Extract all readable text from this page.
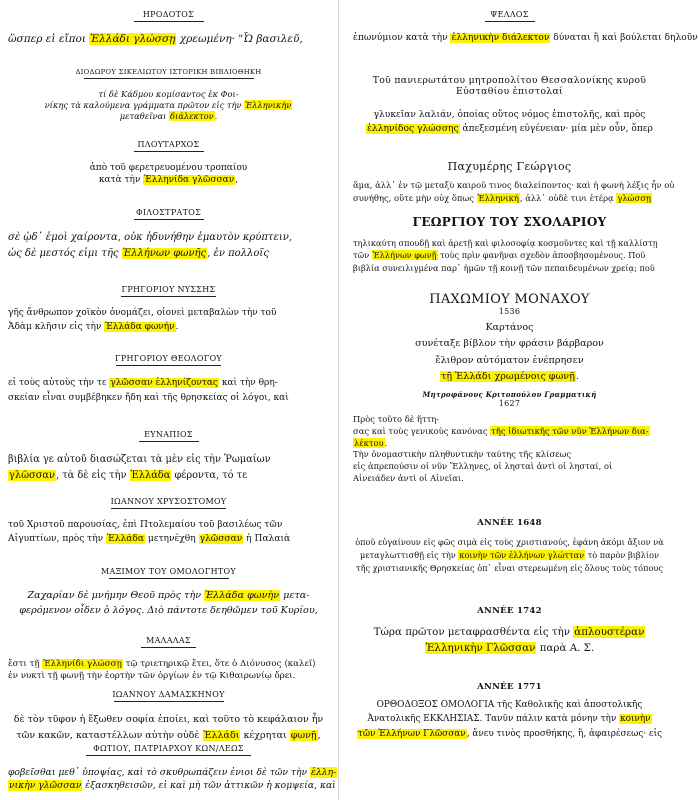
ΗΡΟΔΟΤΟΣ
ὥσπερ εἰ εἴποι Ἑλλάδι γλώσσῃ χρεωμένη· "Ὦ βασιλεῦ,
ΔΙΟΔΩΡΟΥ ΣΙΚΕΛΙΩΤΟΥ ΙΣΤΟΡΙΚΗ ΒΙΒΛΙΟΘΗΚΗ
τί δὲ Κάδμου κομίσαντος ἐκ Φοι-
νίκης τὰ καλούμενα γράμματα πρῶτον εἰς τὴν Ἑλληνικὴν
μεταθεῖναι διάλεκτον.
ΠΛΟΥΤΑΡΧΟΣ
ἀπὸ τοῦ φερετρευομένου τροπαίου
κατὰ τὴν Ἑλληνίδα γλῶσσαν,
ΦΙΛΟΣΤΡΑΤΟΣ
σὲ ᾠδ᾽ ἐμοὶ χαίροντα, οὐκ ἠδυνήθην ἐμαυτὸν κρύπτειν,
ὡς δὲ μεστός εἰμι τῆς Ἑλλήνων φωνῆς, ἐν πολλοῖς
ΓΡΗΓΟΡΙΟΥ ΝΥΣΣΗΣ
γῆς ἄνθρωπον χοϊκὸν ὀνομάζει, οἱονεὶ μεταβαλὼν τὴν τοῦ
Ἀδὰμ κλῆσιν εἰς τὴν Ἑλλάδα φωνήν.
ΓΡΗΓΟΡΙΟΥ ΘΕΟΛΟΓΟΥ
εἰ τοὺς αὐτοὺς τὴν τε γλῶσσαν ἑλληνίζοντας καὶ τὴν θρη-
σκείαν εἶναι συμβέβηκεν ἤδη καὶ τῆς θρησκείας οἱ λόγοι, καὶ
ΕΥΝΑΠΙΟΣ
βιβλία γε αὐτοῦ διασώζεται τὰ μὲν εἰς τὴν Ῥωμαίων
γλῶσσαν, τὰ δὲ εἰς τὴν Ἑλλάδα φέροντα, τό τε
ΙΩΑΝΝΟΥ ΧΡΥΣΟΣΤΟΜΟΥ
τοῦ Χριστοῦ παρουσίας, ἐπὶ Πτολεμαίου τοῦ βασιλέως τῶν
Αἰγυπτίων, πρὸς τὴν Ἑλλάδα μετηνέχθη γλῶσσαν ἡ Παλαιὰ
ΜΑΞΙΜΟΥ ΤΟΥ ΟΜΟΛΟΓΗΤΟΥ
Ζαχαρίαν δὲ μνήμην Θεοῦ πρὸς τὴν Ἑλλάδα φωνὴν μετα-
φερόμενον οἶδεν ὁ λόγος. Διὸ πάντοτε δεηθῶμεν τοῦ Κυρίου,
ΜΑΛΑΛΑΣ
ἔστι τῇ Ἑλληνίδι γλώσσῃ τῷ τριετηρικῷ ἔτει, ὅτε ὁ Διόνυσος ⟨καλεῖ⟩
ἐν νυκτὶ τῇ φωνῇ τὴν ἑορτὴν τῶν ὀργίων ἐν τῷ Κιθαιρωνίῳ ὄρει.
ΙΩΑΝΝΟΥ ΔΑΜΑΣΚΗΝΟΥ
δὲ τὸν τῦφον ἡ ἔξωθεν σοφία ἐποίει, καὶ τοῦτο τὸ κεφάλαιον ἦν
τῶν κακῶν, καταστέλλων αὐτὴν οὐδὲ Ἑλλάδι κέχρηται φωνῇ,
ΦΩΤΙΟΥ, ΠΑΤΡΙΑΡΧΟΥ ΚΩΝ/ΛΕΩΣ
φοβεῖσθαι μεθ᾽ ὑποψίας, καὶ τὸ σκυθρωπάζειν ἐνιοι δὲ τῶν τὴν ἑλλη-
νικὴν γλῶσσαν ἐξασκηθεισῶν, εἰ καὶ μὴ τῶν ἀττικῶν ἡ κομψεία, καὶ
ΨΕΛΛΟΣ
ἐπωνύμιον κατὰ τὴν ἑλληνικὴν διάλεκτον δύναται ἢ καὶ βούλεται δηλοῦν
Τοῦ πανιερωτάτου μητροπολίτου Θεσσαλονίκης κυροῦ
Εὐσταθίου ἐπιστολαί
γλυκεῖαν λαλιάν, ὁποίας οὔτος νόμος ἐπιστολῆς, καὶ πρὸς
ἑλληνίδος γλώσσης ἀπεξεσμένη εὐγένειαν· μία μὲν οὖν, ὅπερ
Παχυμέρης Γεώργιος
ἅμα, ἀλλ᾽ ἐν τῷ μεταξὺ καιροῦ τινος διαλείποντος· καὶ ἡ φωνὴ λέξις ἦν οὐ
συνήθης, οὔτε μὴν οὐχ ὅπως Ἑλληνική, ἀλλ᾽ οὐδὲ τινι ἑτέρᾳ γλώσσῃ
ΓΕΩΡΓΙΟΥ ΤΟΥ ΣΧΟΛΑΡΙΟΥ
τηλικαύτη σπουδῇ καὶ ἀρετῇ καὶ φιλοσοφίᾳ κοσμοῦντες καὶ τῇ καλλίστῃ
τῶν Ἑλλήνων φωνῇ τοὺς πρὶν φανῆναι σχεδὸν ἀποσβησομένους. Ποῦ
βιβλία συνειλιγμένα παρ᾽ ἡμῶν τῇ κοινῇ τῶν πεπαιδευμένων χρείᾳ; ποῦ
ΠΑΧΩΜΙΟΥ ΜΟΝΑΧΟΥ
1536
Καρτάνος
συνέταξε βίβλον τὴν φράσιν βάρβαρον
ἔλιθρον αὐτόματον ἐνέπρησεν
τῇ Ἑλλάδι χρωμένοις φωνῇ.
Μητροφάνους Κριτοπούλου Γραμματική
1627
Πρὸς τοῦτο δὲ ἥττη-
σας καὶ τοὺς γενικοὺς κανόνας τῆς ἰδιωτικῆς τῶν νῦν Ἑλλήνων δια-
λέκτου.
Τὴν ὀνομαστικὴν πληθυντικὴν ταύτης τῆς κλίσεως
εἰς ἀπρεπούσιν οἱ νῦν Ἕλληνες, οἱ λησταὶ ἀντὶ οἱ λησταί, οἱ
Αἰνειάδεν ἀντὶ οἱ Αἰνεῖαι.
ANNÉE 1648
ὁποῦ εὐγαίνουν εἰς φῶς σιμὰ εἰς τοὺς χριστιανούς, ἐφάνη ἀκόμι ἄξιον νὰ
μεταγλωττισθῇ εἰς τὴν κοινὴν τῶν ἑλλήνων γλώτταν τὸ παρὸν βιβλίον
τῆς χριστιανικῆς Θρησκείας ὁπ᾽ εἶναι στερεωμένη εἰς ὅλους τοὺς τόπους
ANNÉE 1742
Τώρα πρῶτον μεταφρασθέντα εἰς τὴν ἁπλουστέραν
Ἑλληνικὴν Γλῶσσαν παρὰ Α. Σ.
ANNÉE 1771
ΟΡΘΟΔΟΞΟΣ ΟΜΟΛΟΓΙΑ τῆς Καθολικῆς καὶ ἀποστολικῆς
Ἀνατολικῆς ΕΚΚΛΗΣΙΑΣ. Τανῦν πάλιν κατὰ μόνην τὴν κοινὴν
τῶν Ἑλλήνων Γλῶσσαν, ἄνευ τινὸς προσθήκης, ἢ, ἀφαιρέσεως· εἰς
